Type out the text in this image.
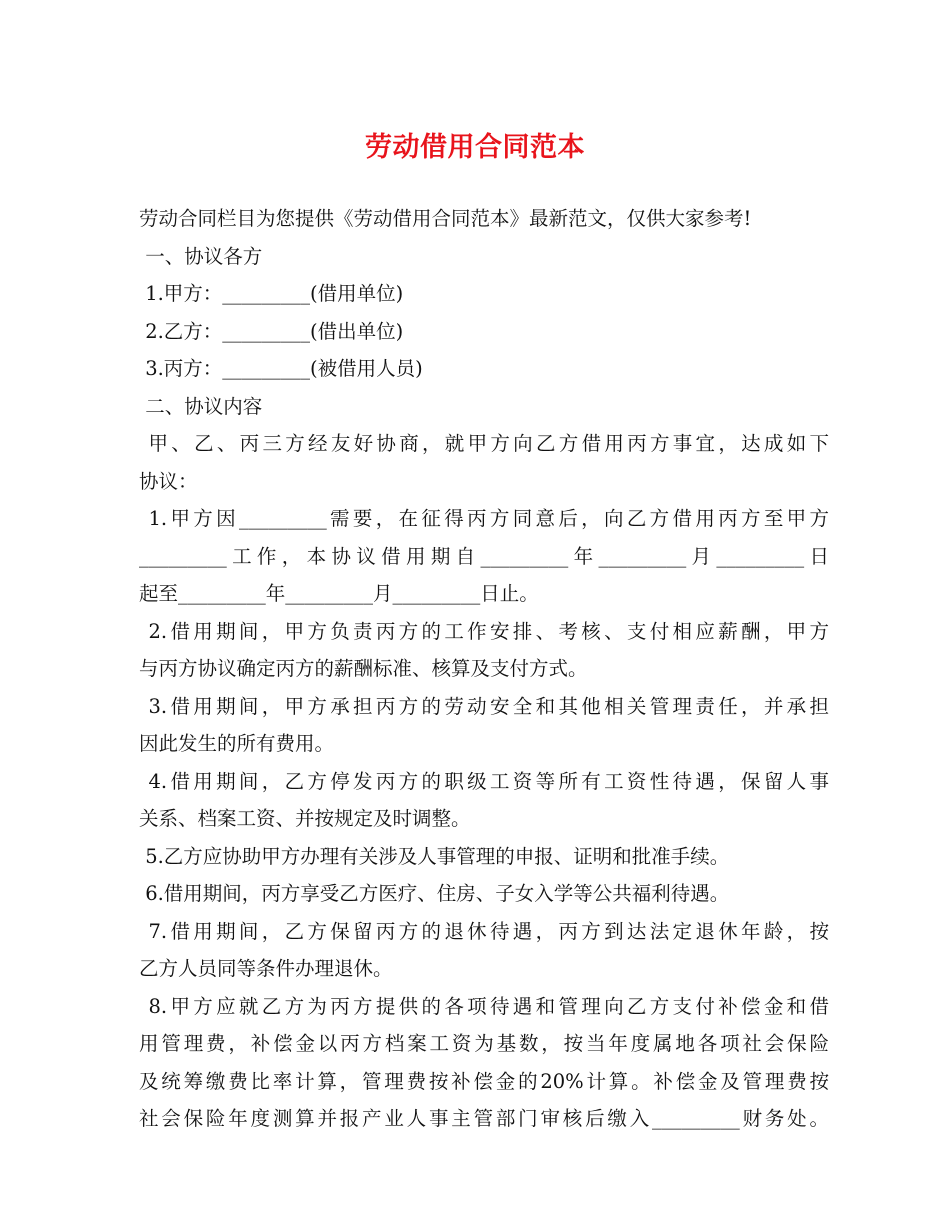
劳动借用合同范本
劳动合同栏目为您提供《劳动借用合同范本》最新范文，仅供大家参考!
一、协议各方
1.甲方：_________(借用单位)
2.乙方：_________(借出单位)
3.丙方：_________(被借用人员)
二、协议内容
甲、乙、丙三方经友好协商，就甲方向乙方借用丙方事宜，达成如下
协议：
1.甲方因_________需要，在征得丙方同意后，向乙方借用丙方至甲方
_________工作，本协议借用期自_________年_________月_________日
起至_________年_________月_________日止。
2.借用期间，甲方负责丙方的工作安排、考核、支付相应薪酬，甲方
与丙方协议确定丙方的薪酬标准、核算及支付方式。
3.借用期间，甲方承担丙方的劳动安全和其他相关管理责任，并承担
因此发生的所有费用。
4.借用期间，乙方停发丙方的职级工资等所有工资性待遇，保留人事
关系、档案工资、并按规定及时调整。
5.乙方应协助甲方办理有关涉及人事管理的申报、证明和批准手续。
6.借用期间，丙方享受乙方医疗、住房、子女入学等公共福利待遇。
7.借用期间，乙方保留丙方的退休待遇，丙方到达法定退休年龄，按
乙方人员同等条件办理退休。
8.甲方应就乙方为丙方提供的各项待遇和管理向乙方支付补偿金和借
用管理费，补偿金以丙方档案工资为基数，按当年度属地各项社会保险
及统筹缴费比率计算，管理费按补偿金的20%计算。补偿金及管理费按
社会保险年度测算并报产业人事主管部门审核后缴入_________财务处。
